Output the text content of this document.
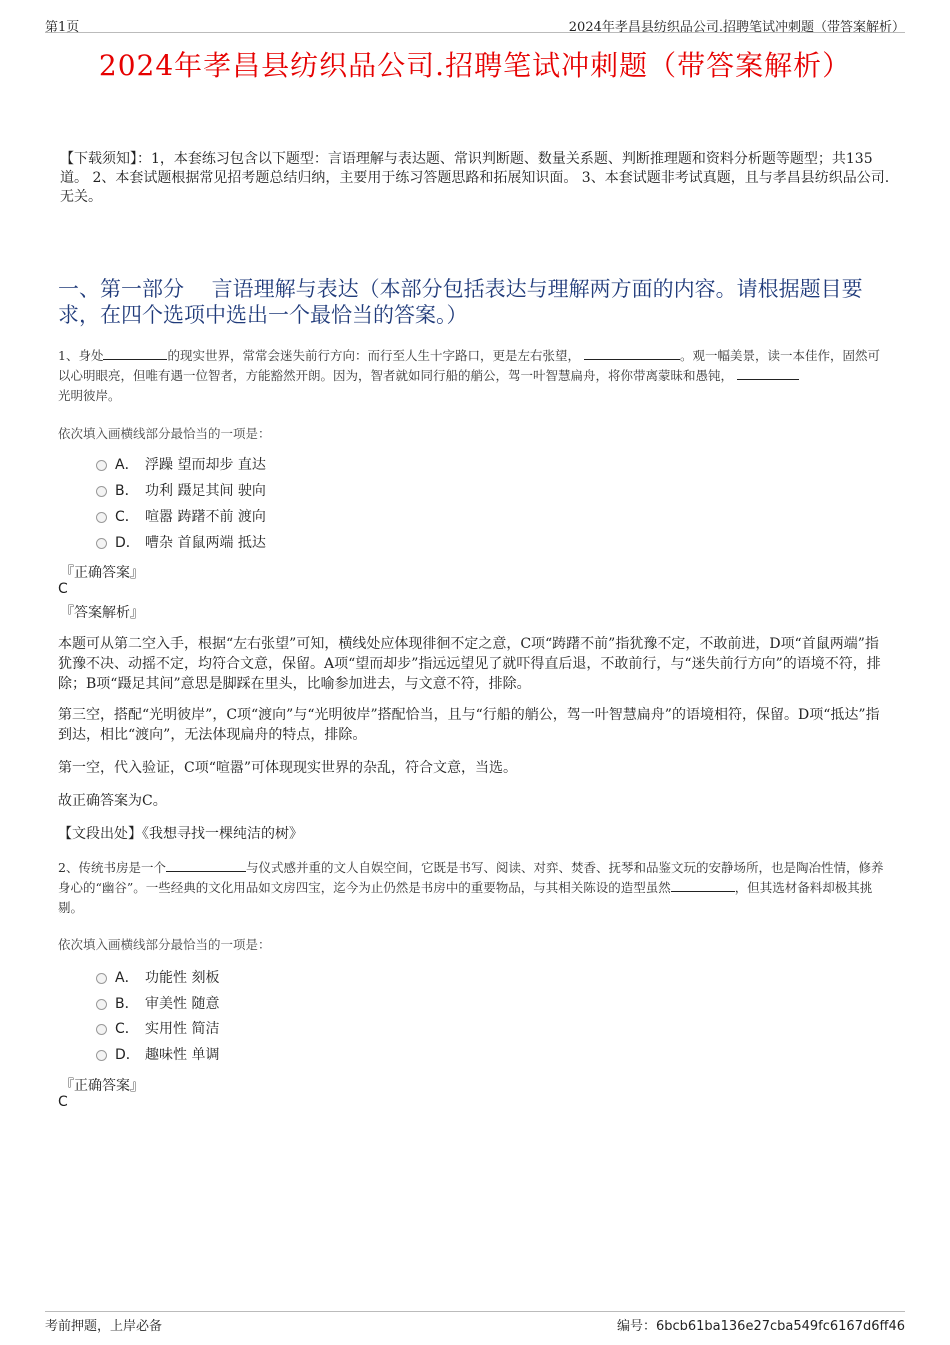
第1页	2024年孝昌县纺织品公司.招聘笔试冲刺题（带答案解析）
2024年孝昌县纺织品公司.招聘笔试冲刺题（带答案解析）
【下载须知】：1，本套练习包含以下题型：言语理解与表达题、常识判断题、数量关系题、判断推理题和资料分析题等题型；共135道。 2、本套试题根据常见招考题总结归纳，主要用于练习答题思路和拓展知识面。 3、本套试题非考试真题，且与孝昌县纺织品公司.无关。
一、第一部分　 言语理解与表达（本部分包括表达与理解两方面的内容。请根据题目要求，在四个选项中选出一个最恰当的答案。）
1、身处	的现实世界，常常会迷失前行方向：而行至人生十字路口，更是左右张望，	。观一幅美景，读一本佳作，固然可以心明眼亮，但唯有遇一位智者，方能豁然开朗。因为，智者就如同行船的艄公，驾一叶智慧扁舟，将你带离蒙昧和愚钝，
光明彼岸。
依次填入画横线部分最恰当的一项是：
A． 浮躁 望而却步 直达
B． 功利 蹑足其间 驶向
C． 喧嚣 踌躇不前 渡向
D． 嘈杂 首鼠两端 抵达
『正确答案』
C
『答案解析』
本题可从第二空入手，根据“左右张望”可知，横线处应体现徘徊不定之意，C项“踌躇不前”指犹豫不定，不敢前进，D项“首鼠两端”指犹豫不决、动摇不定，均符合文意，保留。A项“望而却步”指远远望见了就吓得直后退，不敢前行，与“迷失前行方向”的语境不符，排除；B项“蹑足其间”意思是脚踩在里头，比喻参加进去，与文意不符，排除。
第三空，搭配“光明彼岸”，C项“渡向”与“光明彼岸”搭配恰当，且与“行船的艄公，驾一叶智慧扁舟”的语境相符，保留。D项“抵达”指到达，相比“渡向”，无法体现扁舟的特点，排除。
第一空，代入验证，C项“喧嚣”可体现现实世界的杂乱，符合文意，当选。
故正确答案为C。
【文段出处】《我想寻找一棵纯洁的树》
2、传统书房是一个	与仪式感并重的文人自娱空间，它既是书写、阅读、对弈、焚香、抚琴和品鉴文玩的安静场所，也是陶冶性情，修养身心的“幽谷”。一些经典的文化用品如文房四宝，迄今为止仍然是书房中的重要物品，与其相关陈设的造型虽然	，但其选材备料却极其挑剔。
依次填入画横线部分最恰当的一项是：
A． 功能性 刻板
B． 审美性 随意
C． 实用性 简洁
D． 趣味性 单调
『正确答案』
C
考前押题，上岸必备	编号：6bcb61ba136e27cba549fc6167d6ff46
